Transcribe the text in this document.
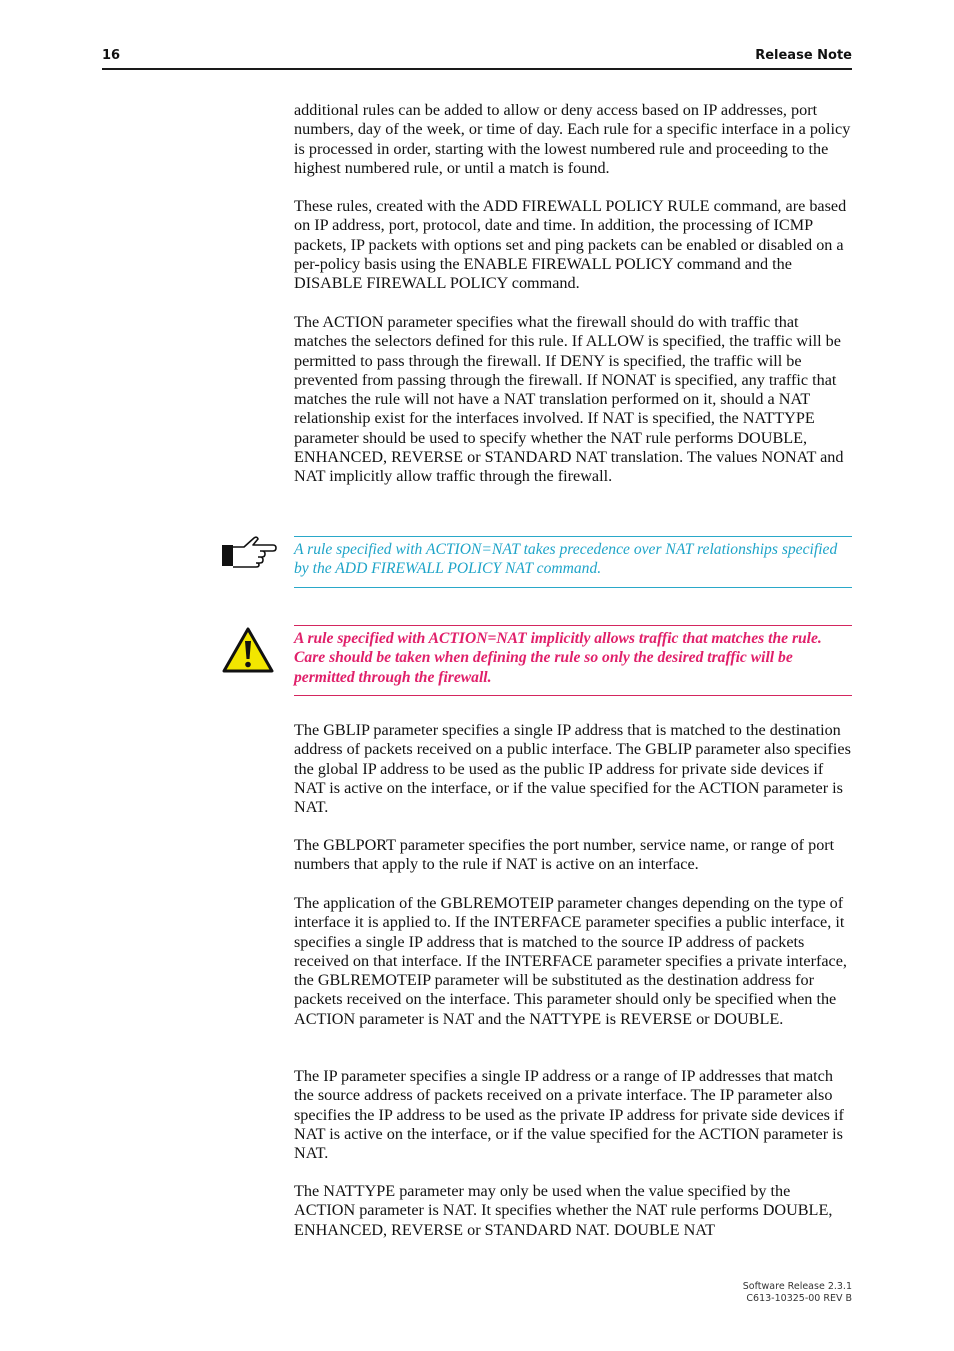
16	Release Note

additional rules can be added to allow or deny access based on IP addresses, port numbers, day of the week, or time of day. Each rule for a specific interface in a policy is processed in order, starting with the lowest numbered rule and proceeding to the highest numbered rule, or until a match is found.

These rules, created with the ADD FIREWALL POLICY RULE command, are based on IP address, port, protocol, date and time. In addition, the processing of ICMP packets, IP packets with options set and ping packets can be enabled or disabled on a per-policy basis using the ENABLE FIREWALL POLICY command and the DISABLE FIREWALL POLICY command.

The ACTION parameter specifies what the firewall should do with traffic that matches the selectors defined for this rule. If ALLOW is specified, the traffic will be permitted to pass through the firewall. If DENY is specified, the traffic will be prevented from passing through the firewall. If NONAT is specified, any traffic that matches the rule will not have a NAT translation performed on it, should a NAT relationship exist for the interfaces involved. If NAT is specified, the NATTYPE parameter should be used to specify whether the NAT rule performs DOUBLE, ENHANCED, REVERSE or STANDARD NAT translation. The values NONAT and NAT implicitly allow traffic through the firewall.

A rule specified with ACTION=NAT takes precedence over NAT relationships specified by the ADD FIREWALL POLICY NAT command.
A rule specified with ACTION=NAT implicitly allows traffic that matches the rule. Care should be taken when defining the rule so only the desired traffic will be permitted through the firewall.

The GBLIP parameter specifies a single IP address that is matched to the destination address of packets received on a public interface. The GBLIP parameter also specifies the global IP address to be used as the public IP address for private side devices if NAT is active on the interface, or if the value specified for the ACTION parameter is NAT.

The GBLPORT parameter specifies the port number, service name, or range of port numbers that apply to the rule if NAT is active on an interface.

The application of the GBLREMOTEIP parameter changes depending on the type of interface it is applied to. If the INTERFACE parameter specifies a public interface, it specifies a single IP address that is matched to the source IP address of packets received on that interface. If the INTERFACE parameter specifies a private interface, the GBLREMOTEIP parameter will be substituted as the destination address for packets received on the interface. This parameter should only be specified when the ACTION parameter is NAT and the NATTYPE is REVERSE or DOUBLE.

The IP parameter specifies a single IP address or a range of IP addresses that match the source address of packets received on a private interface. The IP parameter also specifies the IP address to be used as the private IP address for private side devices if NAT is active on the interface, or if the value specified for the ACTION parameter is NAT.

The NATTYPE parameter may only be used when the value specified by the ACTION parameter is NAT. It specifies whether the NAT rule performs DOUBLE, ENHANCED, REVERSE or STANDARD NAT. DOUBLE NAT

Software Release 2.3.1
C613-10325-00 REV B
